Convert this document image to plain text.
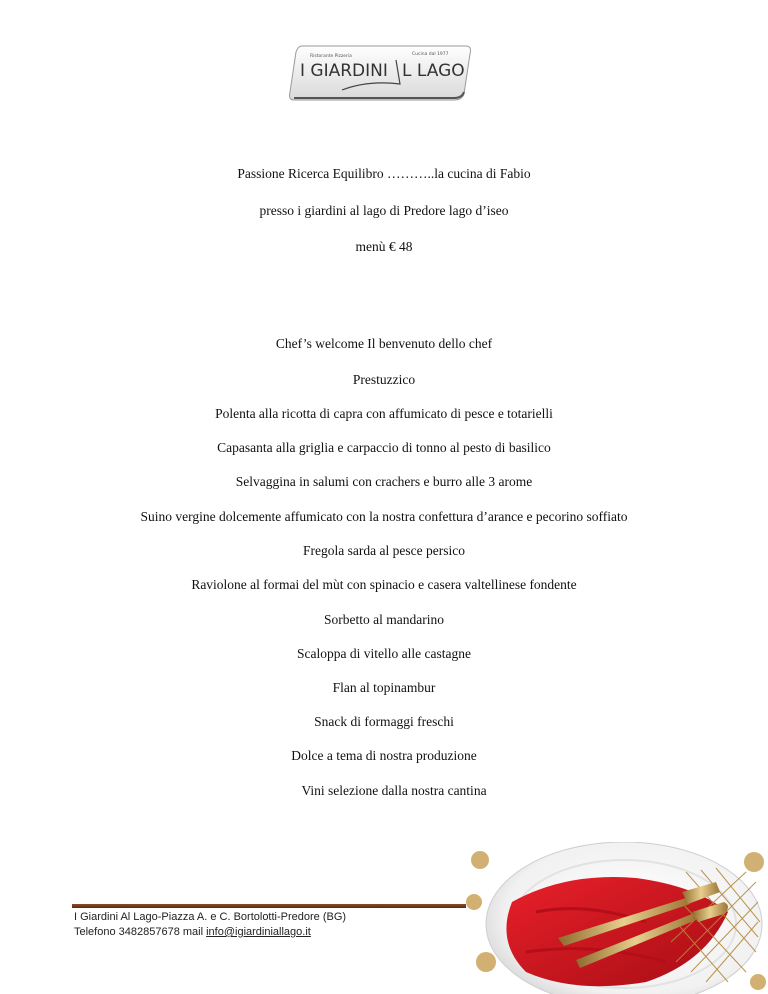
Ristorante Pizzeria	Cucina dal 1977
I GIARDINI L LAGO
Passione Ricerca Equilibro ………..la cucina di Fabio
presso i giardini al lago di Predore lago d’iseo
menù € 48
Chef’s welcome Il benvenuto dello chef
Prestuzzico
Polenta alla ricotta di capra con affumicato di pesce e totarielli
Capasanta alla griglia e carpaccio di tonno al pesto di basilico
Selvaggina in salumi con crachers e burro alle 3 arome
Suino vergine dolcemente affumicato con la nostra confettura d’arance e pecorino soffiato
Fregola sarda al pesce persico
Raviolone al formai del mùt con spinacio e casera valtellinese fondente
Sorbetto al mandarino
Scaloppa di vitello alle castagne
Flan al topinambur
Snack di formaggi freschi
Dolce a tema di nostra produzione
Vini selezione dalla nostra cantina
I Giardini Al Lago-Piazza A. e C. Bortolotti-Predore (BG)
Telefono 3482857678 mail info@igiardiniallago.it
